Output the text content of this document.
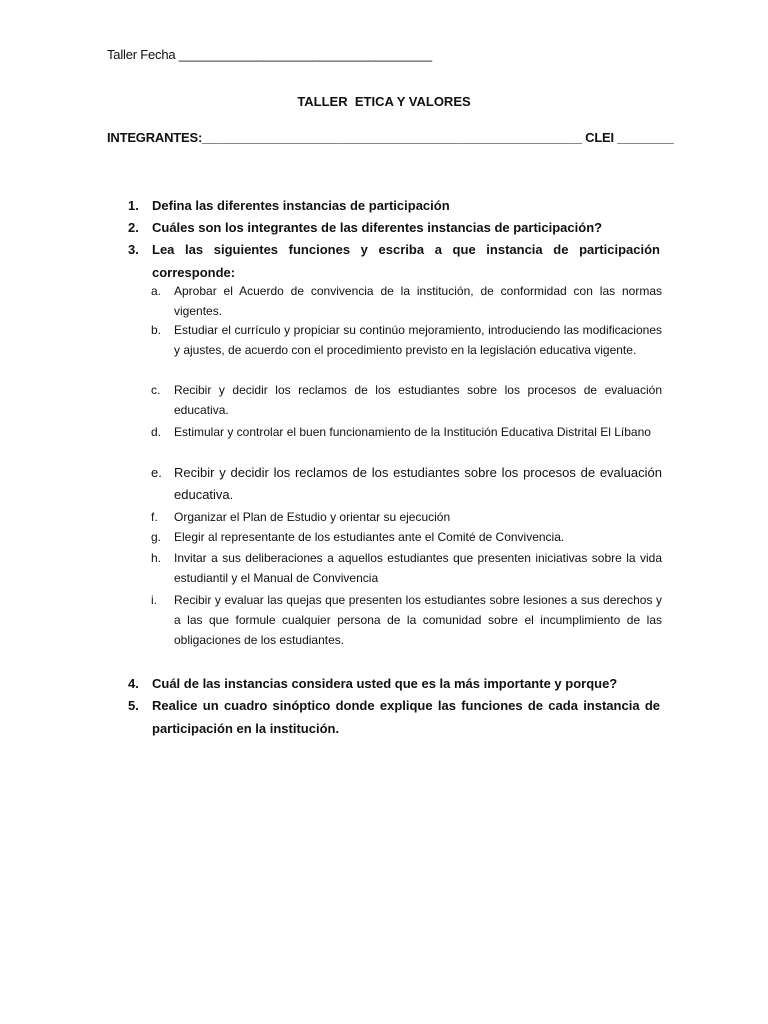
Taller Fecha ____________________________________
TALLER  ETICA Y VALORES
INTEGRANTES:______________________________________________________ CLEI ________
1.	Defina las diferentes instancias de participación
2.	Cuáles son los integrantes de las diferentes instancias de participación?
3.	Lea las siguientes funciones y escriba a que instancia de participación corresponde:
a.	Aprobar el Acuerdo de convivencia de la institución, de conformidad con las normas vigentes.
b.	Estudiar el currículo y propiciar su continúo mejoramiento, introduciendo las modificaciones y ajustes, de acuerdo con el procedimiento previsto en la legislación educativa vigente.
c.	Recibir y decidir los reclamos de los estudiantes sobre los procesos de evaluación educativa.
d.	Estimular y controlar el buen funcionamiento de la Institución Educativa Distrital El Líbano
e. Recibir y decidir los reclamos de los estudiantes sobre los procesos de evaluación educativa.
f.	Organizar el Plan de Estudio y orientar su ejecución
g.	Elegir al representante de los estudiantes ante el Comité de Convivencia.
h.	Invitar a sus deliberaciones a aquellos estudiantes que presenten iniciativas sobre la vida estudiantil y el Manual de Convivencia
i.	Recibir y evaluar las quejas que presenten los estudiantes sobre lesiones a sus derechos y a las que formule cualquier persona de la comunidad sobre el incumplimiento de las obligaciones de los estudiantes.
4.	Cuál de las instancias considera usted que es la más importante y porque?
5.	Realice un cuadro sinóptico donde explique las funciones de cada instancia de participación en la institución.
